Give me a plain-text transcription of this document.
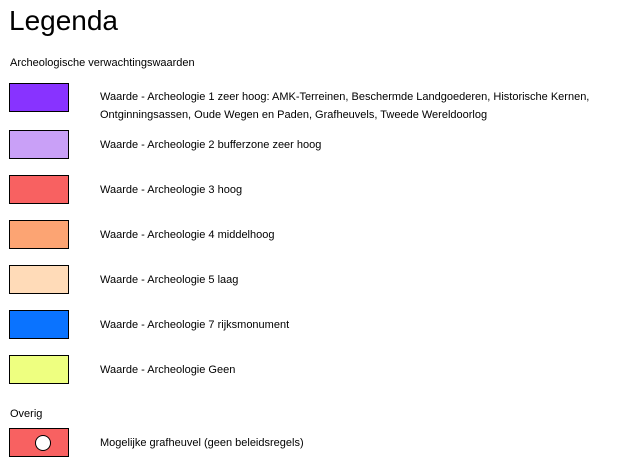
Legenda
Archeologische verwachtingswaarden
Waarde - Archeologie 1 zeer hoog: AMK-Terreinen, Beschermde Landgoederen, Historische Kernen, Ontginningsassen, Oude Wegen en Paden, Grafheuvels, Tweede Wereldoorlog
Waarde - Archeologie 2 bufferzone zeer hoog
Waarde - Archeologie 3 hoog
Waarde - Archeologie 4 middelhoog
Waarde - Archeologie 5 laag
Waarde - Archeologie 7 rijksmonument
Waarde - Archeologie Geen
Overig
Mogelijke grafheuvel (geen beleidsregels)
